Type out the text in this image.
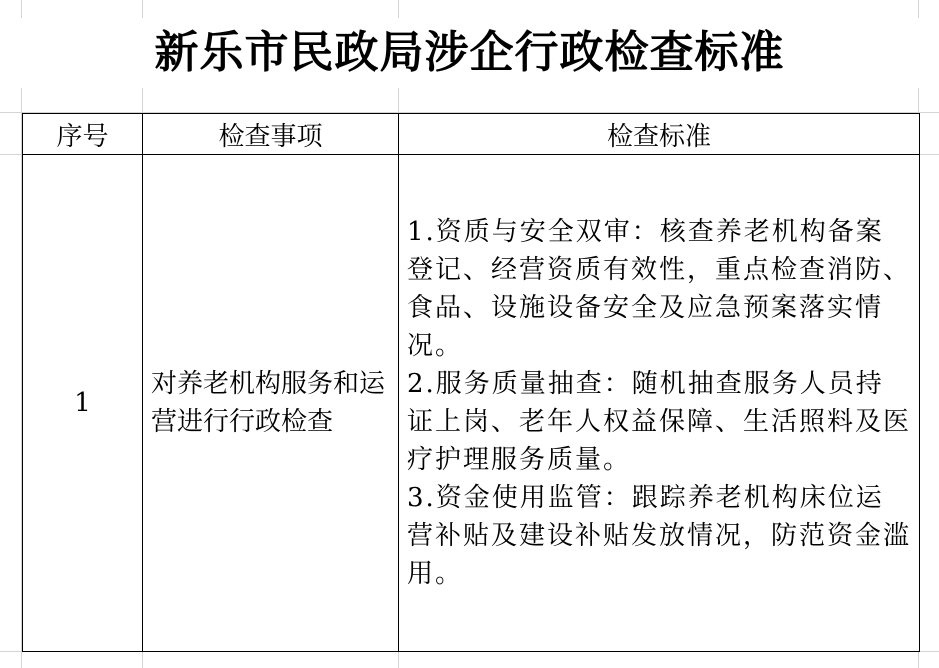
新乐市民政局涉企行政检查标准
序号	检查事项	检查标准
1	对养老机构服务和运营进行行政检查	1.资质与安全双审：核查养老机构备案登记、经营资质有效性，重点检查消防、食品、设施设备安全及应急预案落实情况。
2.服务质量抽查：随机抽查服务人员持证上岗、老年人权益保障、生活照料及医疗护理服务质量。
3.资金使用监管：跟踪养老机构床位运营补贴及建设补贴发放情况，防范资金滥用。
